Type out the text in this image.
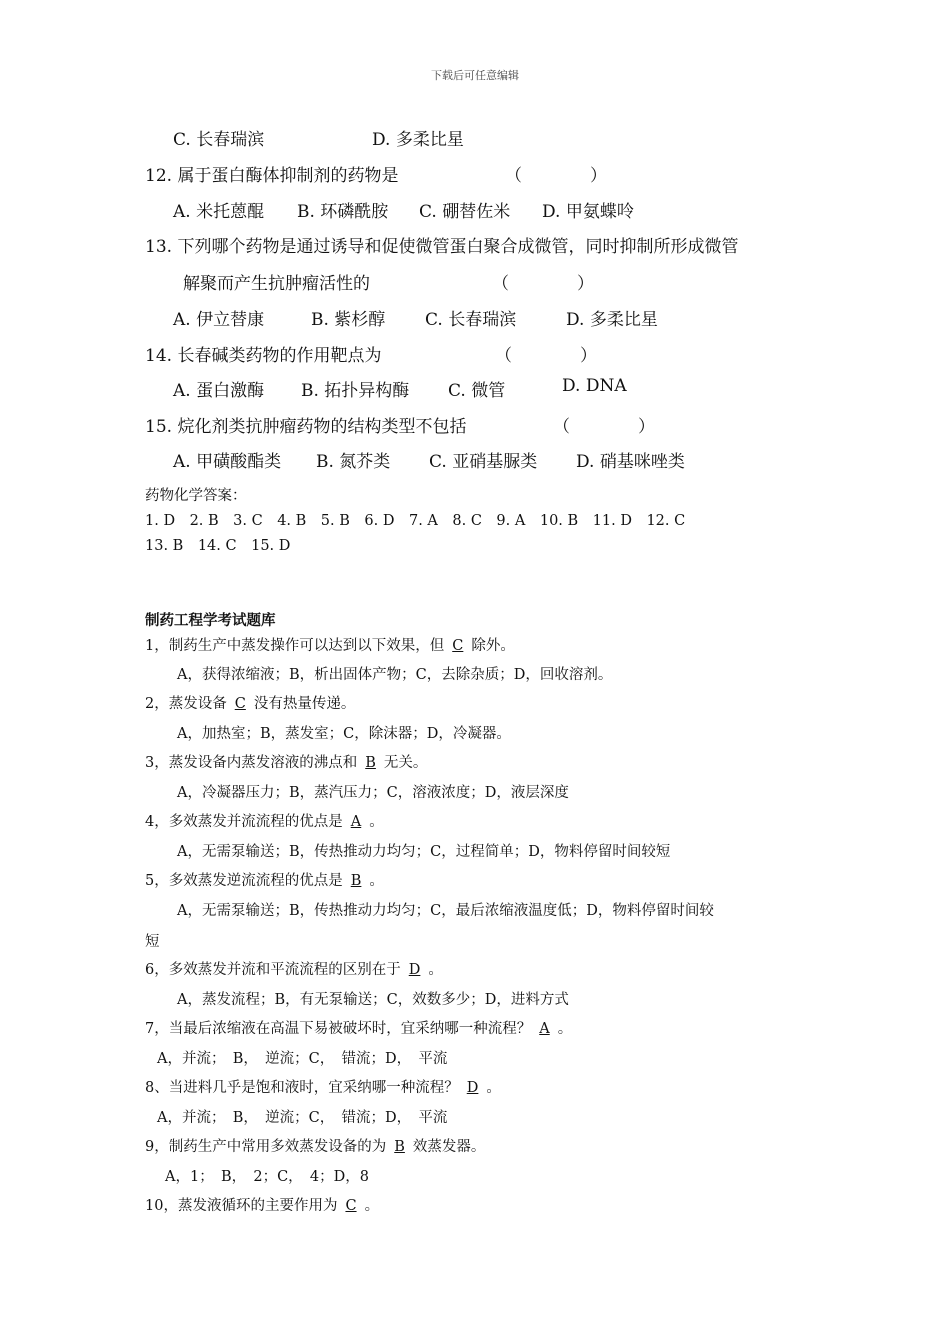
下载后可任意编辑
C. 长春瑞滨	D. 多柔比星
12. 属于蛋白酶体抑制剂的药物是	（　　　　）
A. 米托蒽醌 B. 环磷酰胺 C. 硼替佐米 D. 甲氨蝶呤
13. 下列哪个药物是通过诱导和促使微管蛋白聚合成微管，同时抑制所形成微管
解聚而产生抗肿瘤活性的	（　　　　）
A. 伊立替康	B. 紫杉醇 C. 长春瑞滨	D. 多柔比星
14. 长春碱类药物的作用靶点为	（　　　　）
A. 蛋白激酶 B. 拓扑异构酶 C. 微管	D. DNA
15. 烷化剂类抗肿瘤药物的结构类型不包括	（　　　　）
A. 甲磺酸酯类 B. 氮芥类 C. 亚硝基脲类 D. 硝基咪唑类
药物化学答案：
1. D　2. B　3. C　4. B　5. B　6. D　7. A　8. C　9. A　10. B　11. D　12. C
13. B　14. C　15. D
制药工程学考试题库
1，制药生产中蒸发操作可以达到以下效果，但 C 除外。
A，获得浓缩液；B，析出固体产物；C，去除杂质；D，回收溶剂。
2，蒸发设备 C 没有热量传递。
A，加热室；B，蒸发室；C，除沫器；D，冷凝器。
3，蒸发设备内蒸发溶液的沸点和 B 无关。
A，冷凝器压力；B，蒸汽压力；C，溶液浓度；D，液层深度
4，多效蒸发并流流程的优点是 A 。
A，无需泵输送；B，传热推动力均匀；C，过程简单；D，物料停留时间较短
5，多效蒸发逆流流程的优点是 B 。
A，无需泵输送；B，传热推动力均匀；C，最后浓缩液温度低；D，物料停留时间较
短
6，多效蒸发并流和平流流程的区别在于 D 。
A，蒸发流程；B，有无泵输送；C，效数多少；D，进料方式
7，当最后浓缩液在高温下易被破坏时，宜采纳哪一种流程？ A 。
A，并流；　B，　逆流；C，　错流；D，　平流
8、当进料几乎是饱和液时，宜采纳哪一种流程？ D 。
A，并流；　B，　逆流；C，　错流；D，　平流
9，制药生产中常用多效蒸发设备的为 B 效蒸发器。
A，1；　B，　2；C，　4；D，8
10，蒸发液循环的主要作用为 C 。
